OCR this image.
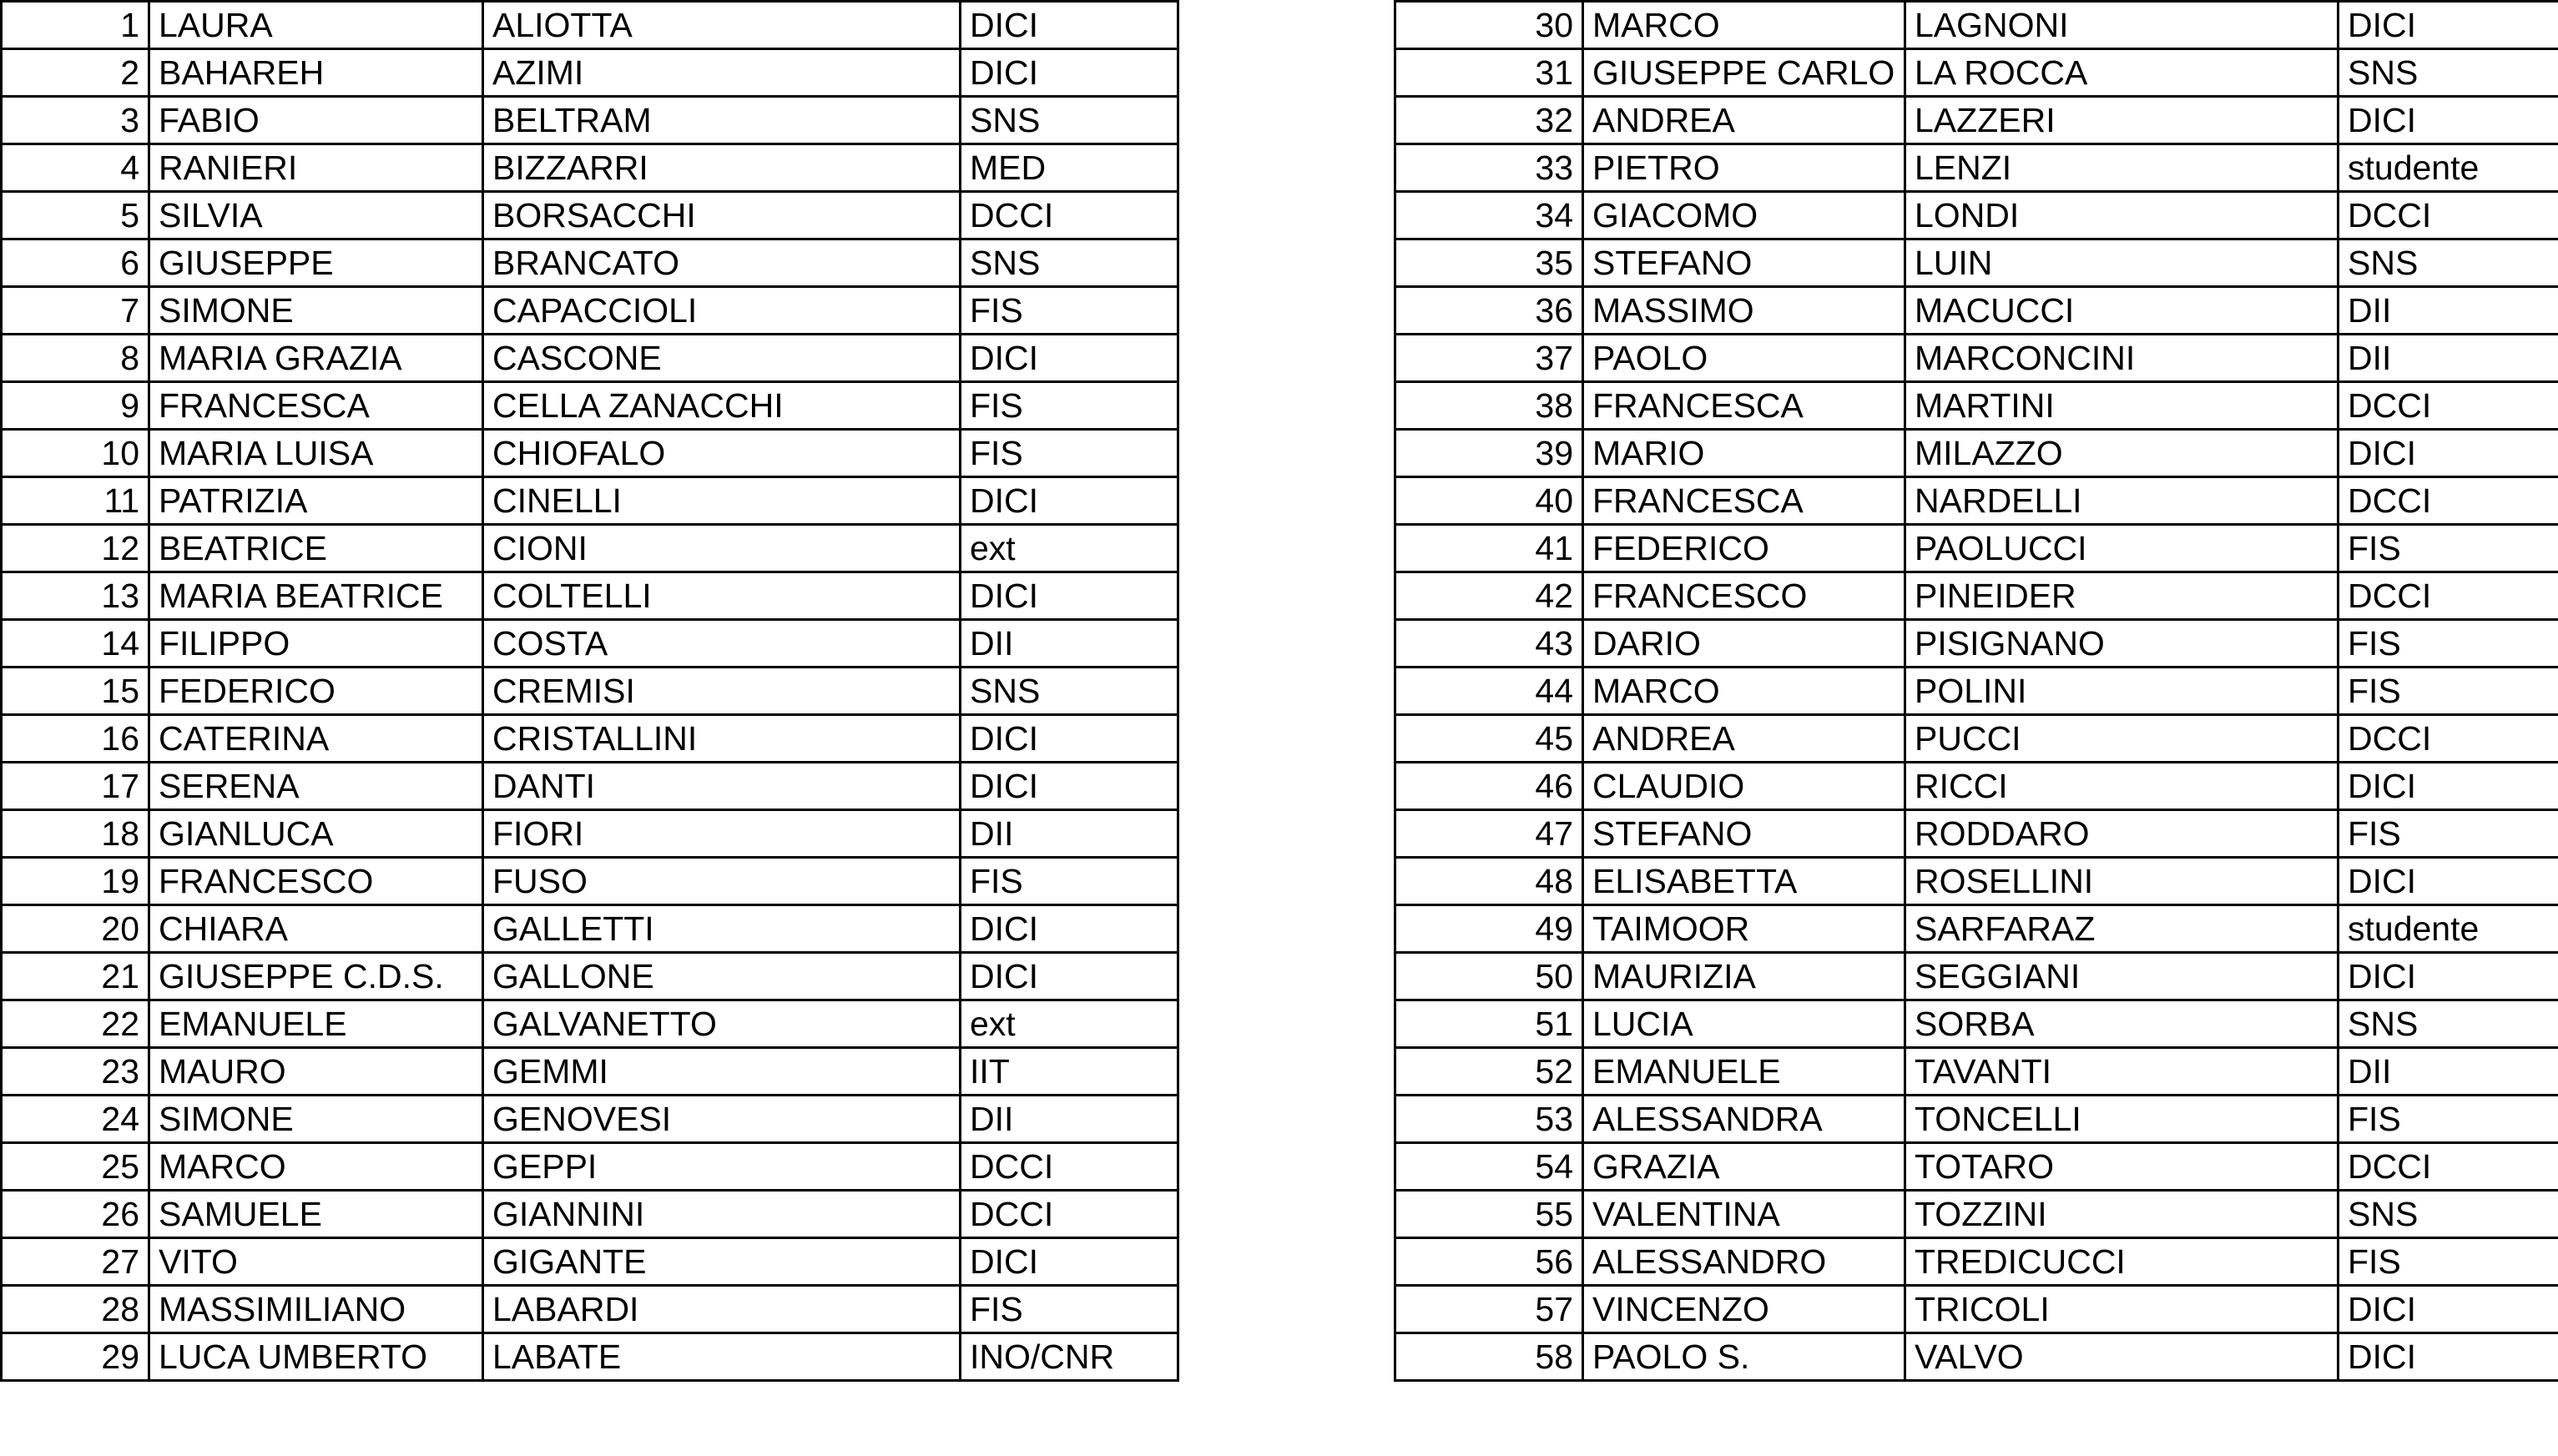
1	LAURA	ALIOTTA	DICI
2	BAHAREH	AZIMI	DICI
3	FABIO	BELTRAM	SNS
4	RANIERI	BIZZARRI	MED
5	SILVIA	BORSACCHI	DCCI
6	GIUSEPPE	BRANCATO	SNS
7	SIMONE	CAPACCIOLI	FIS
8	MARIA GRAZIA	CASCONE	DICI
9	FRANCESCA	CELLA ZANACCHI	FIS
10	MARIA LUISA	CHIOFALO	FIS
11	PATRIZIA	CINELLI	DICI
12	BEATRICE	CIONI	ext
13	MARIA BEATRICE	COLTELLI	DICI
14	FILIPPO	COSTA	DII
15	FEDERICO	CREMISI	SNS
16	CATERINA	CRISTALLINI	DICI
17	SERENA	DANTI	DICI
18	GIANLUCA	FIORI	DII
19	FRANCESCO	FUSO	FIS
20	CHIARA	GALLETTI	DICI
21	GIUSEPPE C.D.S.	GALLONE	DICI
22	EMANUELE	GALVANETTO	ext
23	MAURO	GEMMI	IIT
24	SIMONE	GENOVESI	DII
25	MARCO	GEPPI	DCCI
26	SAMUELE	GIANNINI	DCCI
27	VITO	GIGANTE	DICI
28	MASSIMILIANO	LABARDI	FIS
29	LUCA UMBERTO	LABATE	INO/CNR
30	MARCO	LAGNONI	DICI
31	GIUSEPPE CARLO	LA ROCCA	SNS
32	ANDREA	LAZZERI	DICI
33	PIETRO	LENZI	studente
34	GIACOMO	LONDI	DCCI
35	STEFANO	LUIN	SNS
36	MASSIMO	MACUCCI	DII
37	PAOLO	MARCONCINI	DII
38	FRANCESCA	MARTINI	DCCI
39	MARIO	MILAZZO	DICI
40	FRANCESCA	NARDELLI	DCCI
41	FEDERICO	PAOLUCCI	FIS
42	FRANCESCO	PINEIDER	DCCI
43	DARIO	PISIGNANO	FIS
44	MARCO	POLINI	FIS
45	ANDREA	PUCCI	DCCI
46	CLAUDIO	RICCI	DICI
47	STEFANO	RODDARO	FIS
48	ELISABETTA	ROSELLINI	DICI
49	TAIMOOR	SARFARAZ	studente
50	MAURIZIA	SEGGIANI	DICI
51	LUCIA	SORBA	SNS
52	EMANUELE	TAVANTI	DII
53	ALESSANDRA	TONCELLI	FIS
54	GRAZIA	TOTARO	DCCI
55	VALENTINA	TOZZINI	SNS
56	ALESSANDRO	TREDICUCCI	FIS
57	VINCENZO	TRICOLI	DICI
58	PAOLO S.	VALVO	DICI
